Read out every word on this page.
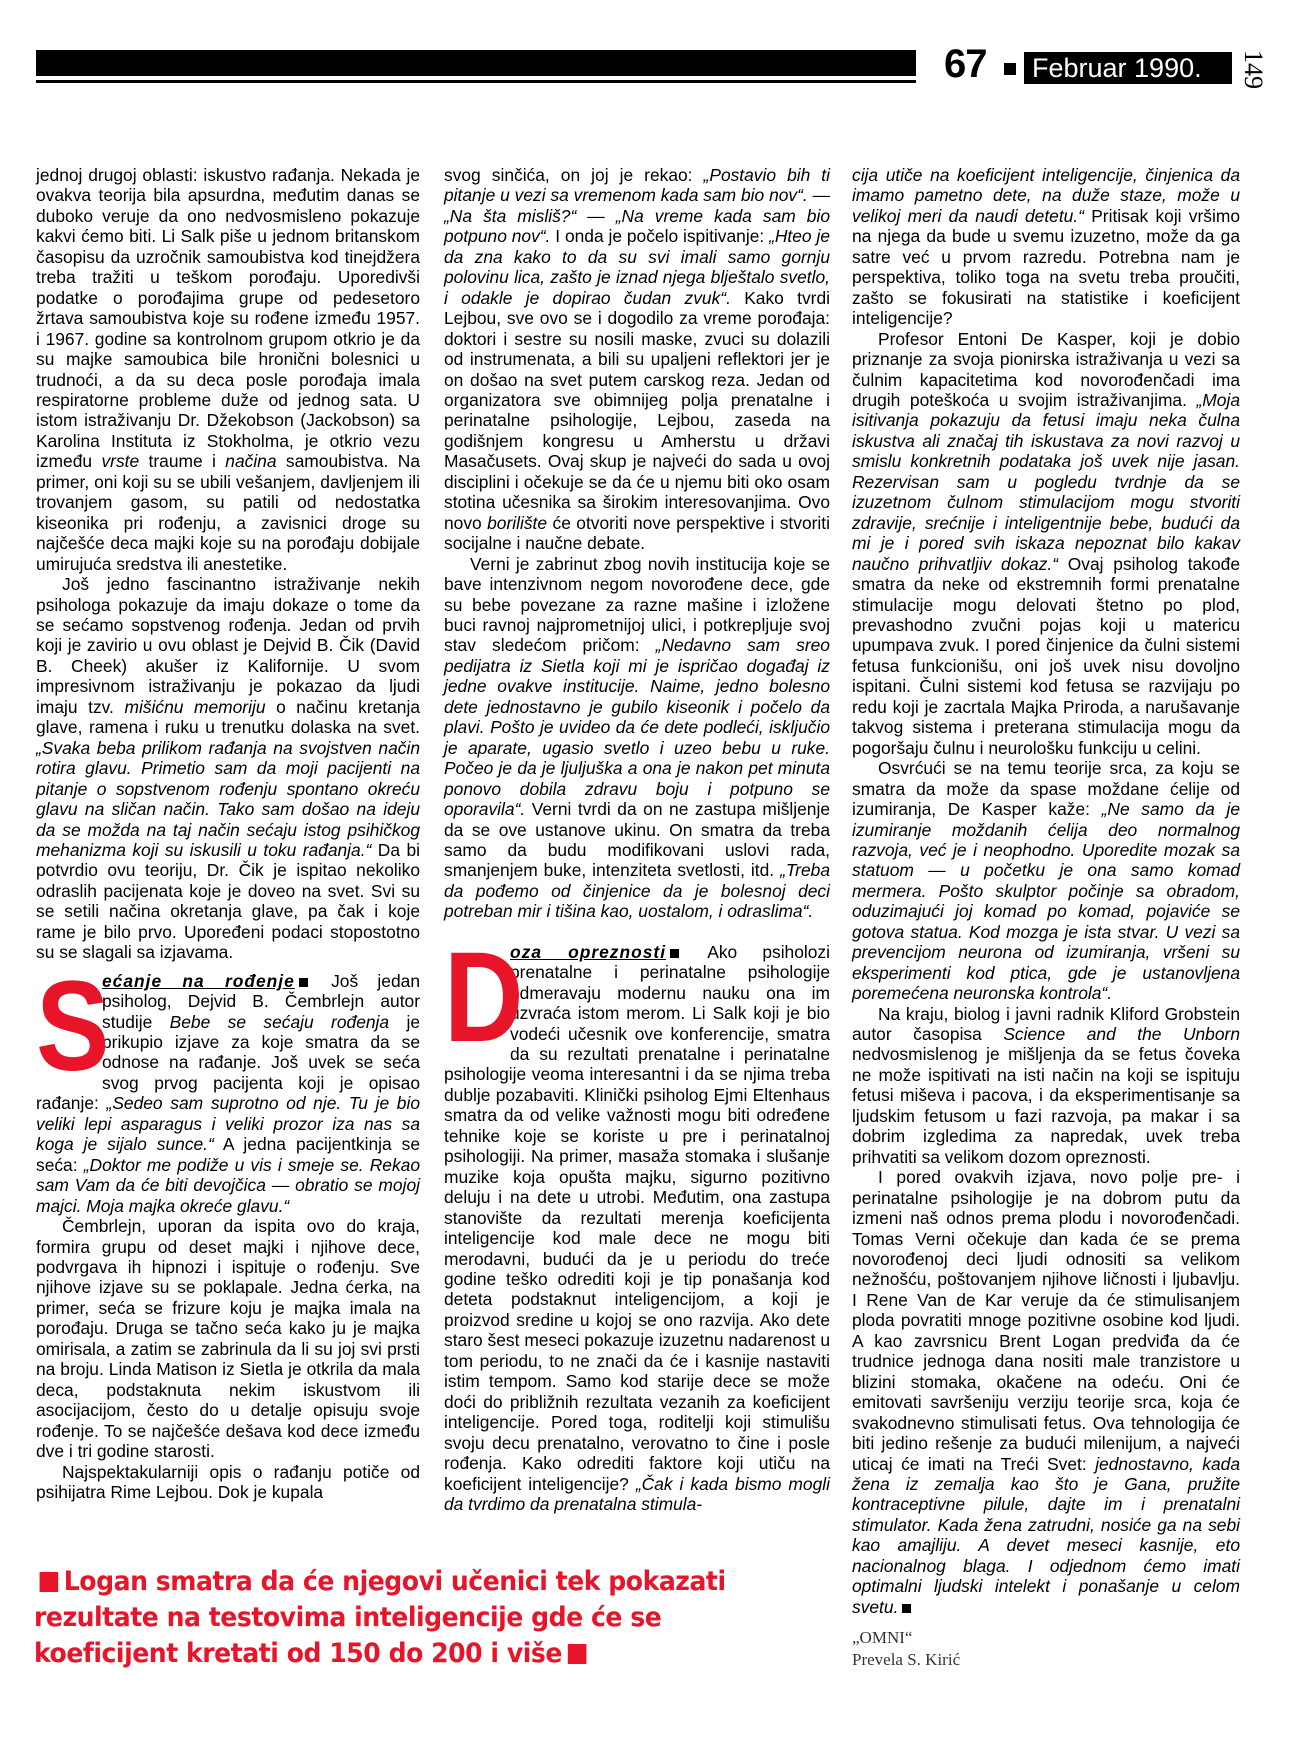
67 Februar 1990.	149

jednoj drugoj oblasti: iskustvo rađanja. Nekada je ovakva teorija bila apsurdna, međutim danas se duboko veruje da ono nedvosmisleno pokazuje kakvi ćemo biti. Li Salk piše u jednom britanskom časopisu da uzročnik samoubistva kod tinejdžera treba tražiti u teškom porođaju. Uporedivši podatke o porođajima grupe od pedesetoro žrtava samoubistva koje su rođene između 1957. i 1967. godine sa kontrolnom grupom otkrio je da su majke samoubica bile hronični bolesnici u trudnoći, a da su deca posle porođaja imala respiratorne probleme duže od jednog sata. U istom istraživanju Dr. Džekobson (Jackobson) sa Karolina Instituta iz Stokholma, je otkrio vezu između vrste traume i načina samoubistva. Na primer, oni koji su se ubili vešanjem, davljenjem ili trovanjem gasom, su patili od nedostatka kiseonika pri rođenju, a zavisnici droge su najčešće deca majki koje su na porođaju dobijale umirujuća sredstva ili anestetike.

Još jedno fascinantno istraživanje nekih psihologa pokazuje da imaju dokaze o tome da se sećamo sopstvenog rođenja. Jedan od prvih koji je zavirio u ovu oblast je Dejvid B. Čik (David B. Cheek) akušer iz Kalifornije. U svom impresivnom istraživanju je pokazao da ljudi imaju tzv. mišićnu memoriju o načinu kretanja glave, ramena i ruku u trenutku dolaska na svet. „Svaka beba prilikom rađanja na svojstven način rotira glavu. Primetio sam da moji pacijenti na pitanje o sopstvenom rođenju spontano okreću glavu na sličan način. Tako sam došao na ideju da se možda na taj način sećaju istog psihičkog mehanizma koji su iskusili u toku rađanja.“ Da bi potvrdio ovu teoriju, Dr. Čik je ispitao nekoliko odraslih pacijenata koje je doveo na svet. Svi su se setili načina okretanja glave, pa čak i koje rame je bilo prvo. Upoređeni podaci stopostotno su se slagali sa izjavama.

S
ećanje na rođenje Još jedan psiholog, Dejvid B. Čembrlejn autor studije Bebe se sećaju rođenja je prikupio izjave za koje smatra da se odnose na rađanje. Još uvek se seća svog prvog pacijenta koji je opisao rađanje: „Sedeo sam suprotno od nje. Tu je bio veliki lepi asparagus i veliki prozor iza nas sa koga je sijalo sunce.“ A jedna pacijentkinja se seća: „Doktor me podiže u vis i smeje se. Rekao sam Vam da će biti devojčica — obratio se mojoj majci. Moja majka okreće glavu.“

Čembrlejn, uporan da ispita ovo do kraja, formira grupu od deset majki i njihove dece, podvrgava ih hipnozi i ispituje o rođenju. Sve njihove izjave su se poklapale. Jedna ćerka, na primer, seća se frizure koju je majka imala na porođaju. Druga se tačno seća kako ju je majka omirisala, a zatim se zabrinula da li su joj svi prsti na broju. Linda Matison iz Sietla je otkrila da mala deca, podstaknuta nekim iskustvom ili asocijacijom, često do u detalje opisuju svoje rođenje. To se najčešće dešava kod dece između dve i tri godine starosti.

Najspektakularniji opis o rađanju potiče od psihijatra Rime Lejbou. Dok je kupala

svog sinčića, on joj je rekao: „Postavio bih ti pitanje u vezi sa vremenom kada sam bio nov“. — „Na šta misliš?“ — „Na vreme kada sam bio potpuno nov“. I onda je počelo ispitivanje: „Hteo je da zna kako to da su svi imali samo gornju polovinu lica, zašto je iznad njega blještalo svetlo, i odakle je dopirao čudan zvuk“. Kako tvrdi Lejbou, sve ovo se i dogodilo za vreme porođaja: doktori i sestre su nosili maske, zvuci su dolazili od instrumenata, a bili su upaljeni reflektori jer je on došao na svet putem carskog reza. Jedan od organizatora sve obimnijeg polja prenatalne i perinatalne psihologije, Lejbou, zaseda na godišnjem kongresu u Amherstu u državi Masačusets. Ovaj skup je najveći do sada u ovoj disciplini i očekuje se da će u njemu biti oko osam stotina učesnika sa širokim interesovanjima. Ovo novo borilište će otvoriti nove perspektive i stvoriti socijalne i naučne debate.

Verni je zabrinut zbog novih institucija koje se bave intenzivnom negom novorođene dece, gde su bebe povezane za razne mašine i izložene buci ravnoj najprometnijoj ulici, i potkrepljuje svoj stav sledećom pričom: „Nedavno sam sreo pedijatra iz Sietla koji mi je ispričao događaj iz jedne ovakve institucije. Naime, jedno bolesno dete jednostavno je gubilo kiseonik i počelo da plavi. Pošto je uvideo da će dete podleći, isključio je aparate, ugasio svetlo i uzeo bebu u ruke. Počeo je da je ljuljuška a ona je nakon pet minuta ponovo dobila zdravu boju i potpuno se oporavila“. Verni tvrdi da on ne zastupa mišljenje da se ove ustanove ukinu. On smatra da treba samo da budu modifikovani uslovi rada, smanjenjem buke, intenziteta svetlosti, itd. „Treba da pođemo od činjenice da je bolesnoj deci potreban mir i tišina kao, uostalom, i odraslima“.

D
oza opreznosti Ako psiholozi prenatalne i perinatalne psihologije odmeravaju modernu nauku ona im uzvraća istom merom. Li Salk koji je bio vodeći učesnik ove konferencije, smatra da su rezultati prenatalne i perinatalne psihologije veoma interesantni i da se njima treba dublje pozabaviti. Klinički psiholog Ejmi Eltenhaus smatra da od velike važnosti mogu biti određene tehnike koje se koriste u pre i perinatalnoj psihologiji. Na primer, masaža stomaka i slušanje muzike koja opušta majku, sigurno pozitivno deluju i na dete u utrobi. Međutim, ona zastupa stanovište da rezultati merenja koeficijenta inteligencije kod male dece ne mogu biti merodavni, budući da je u periodu do treće godine teško odrediti koji je tip ponašanja kod deteta podstaknut inteligencijom, a koji je proizvod sredine u kojoj se ono razvija. Ako dete staro šest meseci pokazuje izuzetnu nadarenost u tom periodu, to ne znači da će i kasnije nastaviti istim tempom. Samo kod starije dece se može doći do približnih rezultata vezanih za koeficijent inteligencije. Pored toga, roditelji koji stimulišu svoju decu prenatalno, verovatno to čine i posle rođenja. Kako odrediti faktore koji utiču na koeficijent inteligencije? „Čak i kada bismo mogli da tvrdimo da prenatalna stimula-

cija utiče na koeficijent inteligencije, činjenica da imamo pametno dete, na duže staze, može u velikoj meri da naudi detetu.“ Pritisak koji vršimo na njega da bude u svemu izuzetno, može da ga satre već u prvom razredu. Potrebna nam je perspektiva, toliko toga na svetu treba proučiti, zašto se fokusirati na statistike i koeficijent inteligencije?

Profesor Entoni De Kasper, koji je dobio priznanje za svoja pionirska istraživanja u vezi sa čulnim kapacitetima kod novorođenčadi ima drugih poteškoća u svojim istraživanjima. „Moja isitivanja pokazuju da fetusi imaju neka čulna iskustva ali značaj tih iskustava za novi razvoj u smislu konkretnih podataka još uvek nije jasan. Rezervisan sam u pogledu tvrdnje da se izuzetnom čulnom stimulacijom mogu stvoriti zdravije, srećnije i inteligentnije bebe, budući da mi je i pored svih iskaza nepoznat bilo kakav naučno prihvatljiv dokaz.“ Ovaj psiholog takođe smatra da neke od ekstremnih formi prenatalne stimulacije mogu delovati štetno po plod, prevashodno zvučni pojas koji u matericu upumpava zvuk. I pored činjenice da čulni sistemi fetusa funkcionišu, oni još uvek nisu dovoljno ispitani. Čulni sistemi kod fetusa se razvijaju po redu koji je zacrtala Majka Priroda, a narušavanje takvog sistema i preterana stimulacija mogu da pogoršaju čulnu i neurološku funkciju u celini.

Osvrćući se na temu teorije srca, za koju se smatra da može da spase moždane ćelije od izumiranja, De Kasper kaže: „Ne samo da je izumiranje moždanih ćelija deo normalnog razvoja, već je i neophodno. Uporedite mozak sa statuom — u početku je ona samo komad mermera. Pošto skulptor počinje sa obradom, oduzimajući joj komad po komad, pojaviće se gotova statua. Kod mozga je ista stvar. U vezi sa prevencijom neurona od izumiranja, vršeni su eksperimenti kod ptica, gde je ustanovljena poremećena neuronska kontrola“.

Na kraju, biolog i javni radnik Kliford Grobstein autor časopisa Science and the Unborn nedvosmislenog je mišljenja da se fetus čoveka ne može ispitivati na isti način na koji se ispituju fetusi miševa i pacova, i da eksperimentisanje sa ljudskim fetusom u fazi razvoja, pa makar i sa dobrim izgledima za napredak, uvek treba prihvatiti sa velikom dozom opreznosti.

I pored ovakvih izjava, novo polje pre- i perinatalne psihologije je na dobrom putu da izmeni naš odnos prema plodu i novorođenčadi. Tomas Verni očekuje dan kada će se prema novorođenoj deci ljudi odnositi sa velikom nežnošću, poštovanjem njihove ličnosti i ljubavlju. I Rene Van de Kar veruje da će stimulisanjem ploda povratiti mnoge pozitivne osobine kod ljudi. A kao zavrsnicu Brent Logan predviđa da će trudnice jednoga dana nositi male tranzistore u blizini stomaka, okačene na odeću. Oni će emitovati savršeniju verziju teorije srca, koja će svakodnevno stimulisati fetus. Ova tehnologija će biti jedino rešenje za budući milenijum, a najveći uticaj će imati na Treći Svet: jednostavno, kada žena iz zemalja kao što je Gana, pružite kontraceptivne pilule, dajte im i prenatalni stimulator. Kada žena zatrudni, nosiće ga na sebi kao amajliju. A devet meseci kasnije, eto nacionalnog blaga. I odjednom ćemo imati optimalni ljudski intelekt i ponašanje u celom svetu.

„OMNI“
Prevela S. Kirić
Logan smatra da će njegovi učenici tek pokazati rezultate na testovima inteligencije gde će se koeficijent kretati od 150 do 200 i više
